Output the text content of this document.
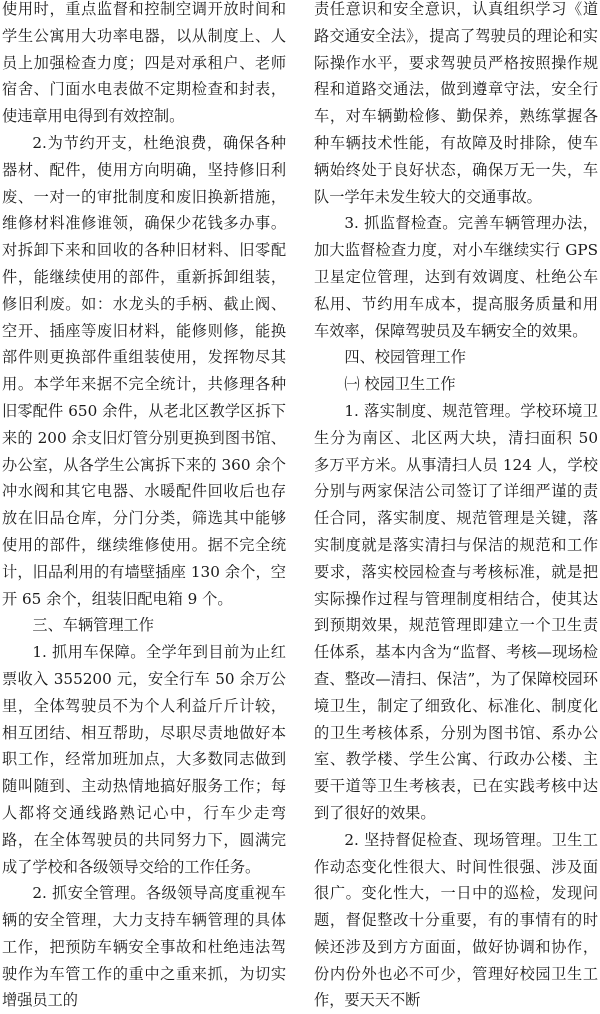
使用时，重点监督和控制空调开放时间和学生公寓用大功率电器，以从制度上、人员上加强检查力度；四是对承租户、老师宿舍、门面水电表做不定期检查和封表，使违章用电得到有效控制。

2.为节约开支，杜绝浪费，确保各种器材、配件，使用方向明确，坚持修旧利废、一对一的审批制度和废旧换新措施，维修材料准修谁领，确保少花钱多办事。对拆卸下来和回收的各种旧材料、旧零配件，能继续使用的部件，重新拆卸组装，修旧利废。如：水龙头的手柄、截止阀、空开、插座等废旧材料，能修则修，能换部件则更换部件重组装使用，发挥物尽其用。本学年来据不完全统计，共修理各种旧零配件 650 余件，从老北区教学区拆下来的 200 余支旧灯管分别更换到图书馆、办公室，从各学生公寓拆下来的 360 余个冲水阀和其它电器、水暖配件回收后也存放在旧品仓库，分门分类，筛选其中能够使用的部件，继续维修使用。据不完全统计，旧品利用的有墙壁插座 130 余个，空开 65 余个，组装旧配电箱 9 个。

三、车辆管理工作

1. 抓用车保障。全学年到目前为止红票收入 355200 元，安全行车 50 余万公里，全体驾驶员不为个人利益斤斤计较，相互团结、相互帮助，尽职尽责地做好本职工作，经常加班加点，大多数同志做到随叫随到、主动热情地搞好服务工作；每人都将交通线路熟记心中，行车少走弯路，在全体驾驶员的共同努力下，圆满完成了学校和各级领导交给的工作任务。

2. 抓安全管理。各级领导高度重视车辆的安全管理，大力支持车辆管理的具体工作，把预防车辆安全事故和杜绝违法驾驶作为车管工作的重中之重来抓，为切实增强员工的

责任意识和安全意识，认真组织学习《道路交通安全法》，提高了驾驶员的理论和实际操作水平，要求驾驶员严格按照操作规程和道路交通法，做到遵章守法，安全行车，对车辆勤检修、勤保养，熟练掌握各种车辆技术性能，有故障及时排除，使车辆始终处于良好状态，确保万无一失，车队一学年未发生较大的交通事故。

3. 抓监督检查。完善车辆管理办法，加大监督检查力度，对小车继续实行 GPS 卫星定位管理，达到有效调度、杜绝公车私用、节约用车成本，提高服务质量和用车效率，保障驾驶员及车辆安全的效果。

四、校园管理工作

㈠ 校园卫生工作

1. 落实制度、规范管理。学校环境卫生分为南区、北区两大块，清扫面积 50 多万平方米。从事清扫人员 124 人，学校分别与两家保洁公司签订了详细严谨的责任合同，落实制度、规范管理是关键，落实制度就是落实清扫与保洁的规范和工作要求，落实校园检查与考核标准，就是把实际操作过程与管理制度相结合，使其达到预期效果，规范管理即建立一个卫生责任体系，基本内含为“监督、考核—现场检查、整改—清扫、保洁”，为了保障校园环境卫生，制定了细致化、标准化、制度化的卫生考核体系，分别为图书馆、系办公室、教学楼、学生公寓、行政办公楼、主要干道等卫生考核表，已在实践考核中达到了很好的效果。

2. 坚持督促检查、现场管理。卫生工作动态变化性很大、时间性很强、涉及面很广。变化性大，一日中的巡检，发现问题，督促整改十分重要，有的事情有的时候还涉及到方方面面，做好协调和协作，份内份外也必不可少，管理好校园卫生工作，要天天不断
